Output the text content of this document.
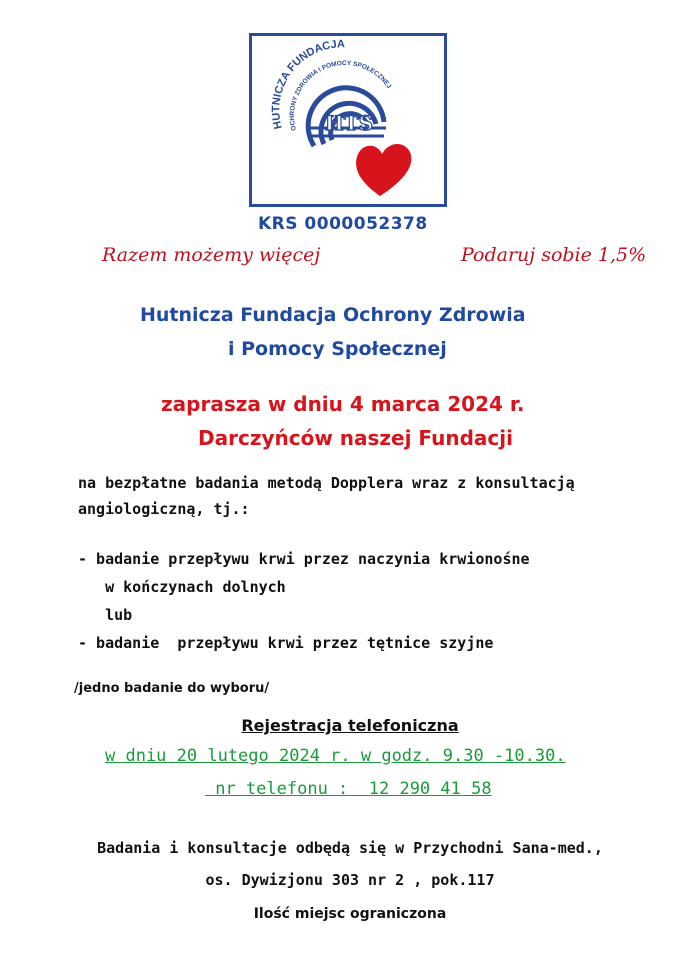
HUTNICZA FUNDACJA
OCHRONY ZDROWIA I POMOCY SPOŁECZNEJ
HTS
KRS 0000052378
Razem możemy więcej	Podaruj sobie 1,5%
Hutnicza Fundacja Ochrony Zdrowia
i Pomocy Społecznej
zaprasza w dniu 4 marca 2024 r.
Darczyńców naszej Fundacji
na bezpłatne badania metodą Dopplera wraz z konsultacją
angiologiczną, tj.:
- badanie przepływu krwi przez naczynia krwionośne
w kończynach dolnych
lub
- badanie  przepływu krwi przez tętnice szyjne
/jedno badanie do wyboru/
Rejestracja telefoniczna
w dniu 20 lutego 2024 r. w godz. 9.30 -10.30.
nr telefonu :  12 290 41 58
Badania i konsultacje odbędą się w Przychodni Sana-med.,
os. Dywizjonu 303 nr 2 , pok.117
Ilość miejsc ograniczona
